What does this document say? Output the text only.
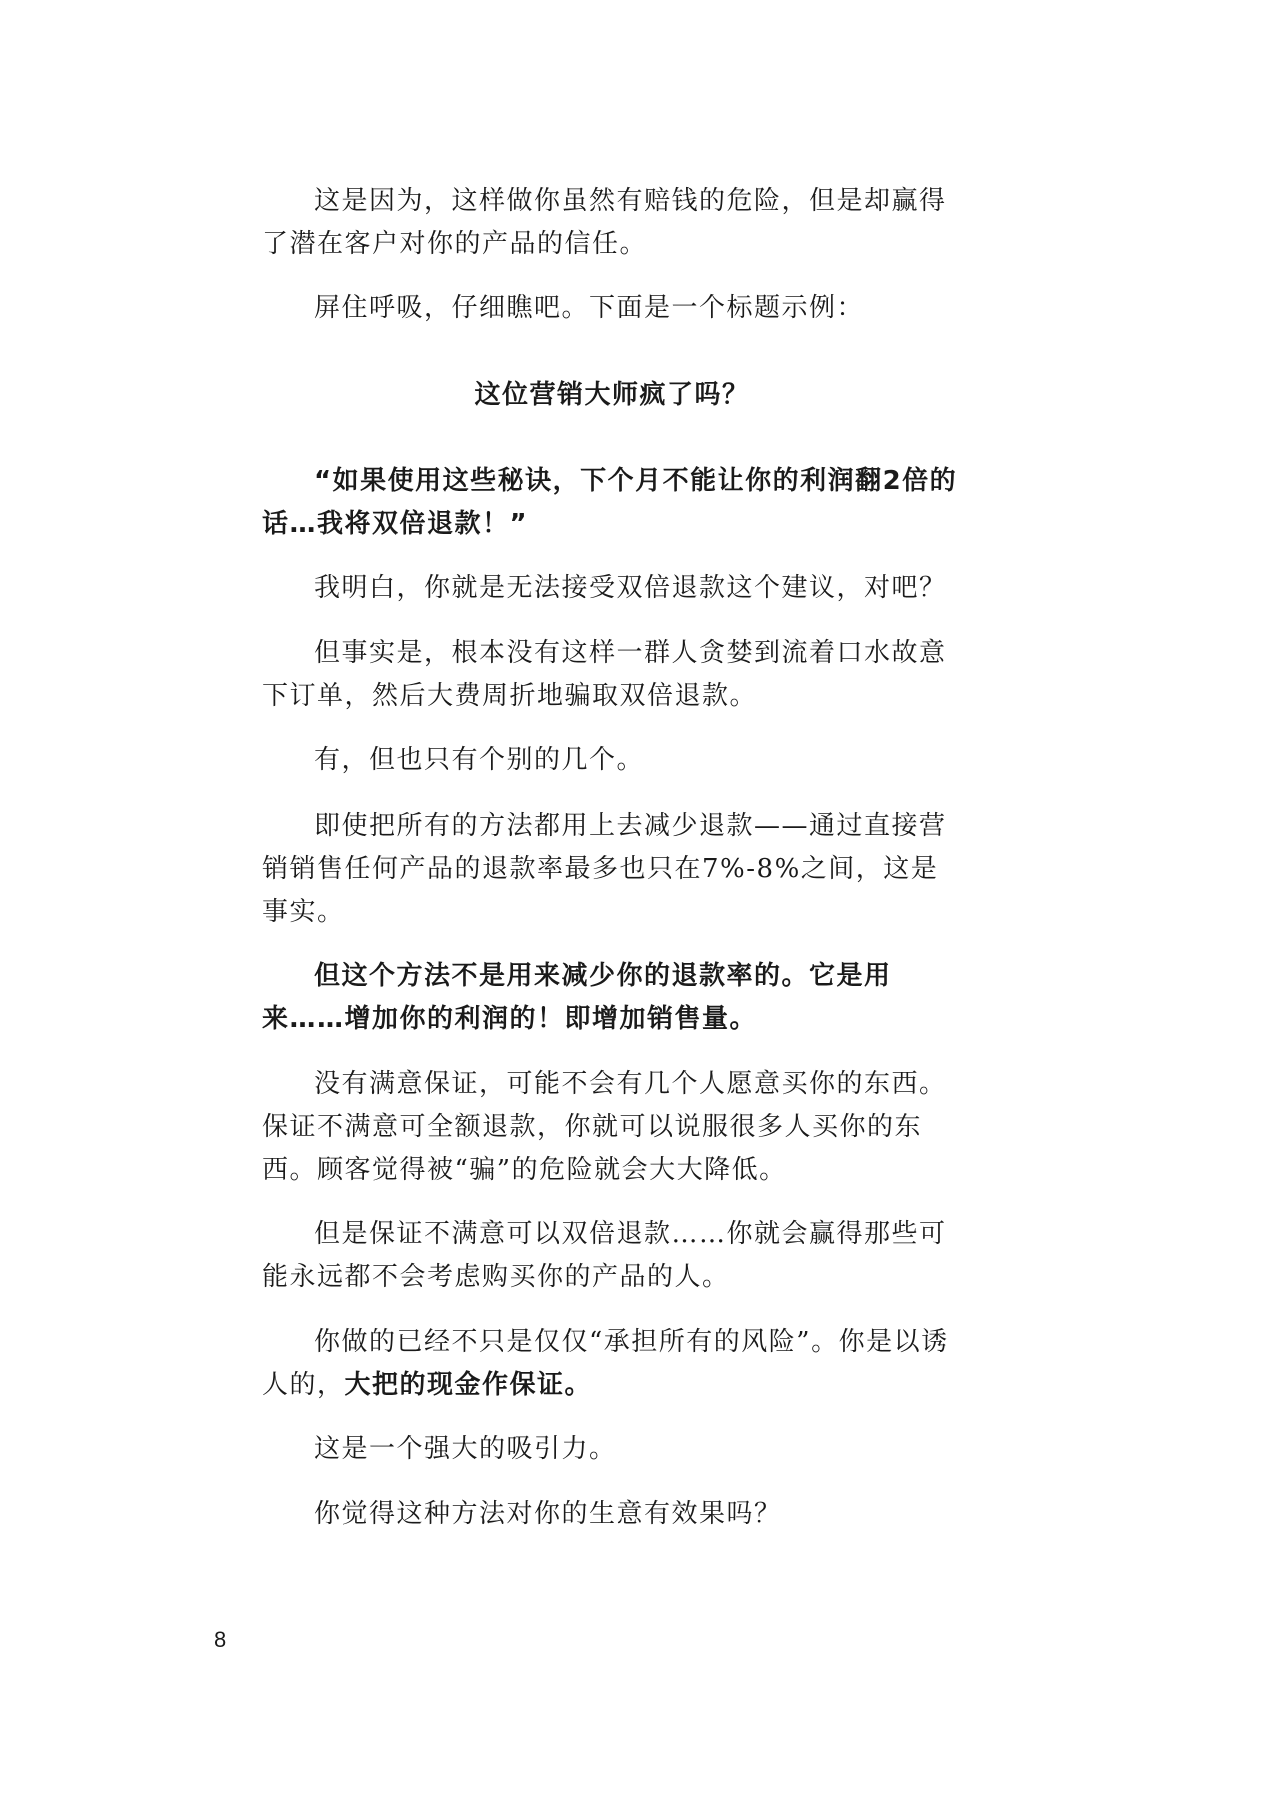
这是因为，这样做你虽然有赔钱的危险，但是却赢得了潜在客户对你的产品的信任。

屏住呼吸，仔细瞧吧。下面是一个标题示例：

这位营销大师疯了吗？

“如果使用这些秘诀，下个月不能让你的利润翻2倍的话…我将双倍退款！”

我明白，你就是无法接受双倍退款这个建议，对吧？

但事实是，根本没有这样一群人贪婪到流着口水故意下订单，然后大费周折地骗取双倍退款。

有，但也只有个别的几个。

即使把所有的方法都用上去减少退款——通过直接营销销售任何产品的退款率最多也只在7%-8%之间，这是事实。

但这个方法不是用来减少你的退款率的。它是用来……增加你的利润的！即增加销售量。

没有满意保证，可能不会有几个人愿意买你的东西。保证不满意可全额退款，你就可以说服很多人买你的东西。顾客觉得被“骗”的危险就会大大降低。

但是保证不满意可以双倍退款……你就会赢得那些可能永远都不会考虑购买你的产品的人。

你做的已经不只是仅仅“承担所有的风险”。你是以诱人的，大把的现金作保证。

这是一个强大的吸引力。

你觉得这种方法对你的生意有效果吗？

8
